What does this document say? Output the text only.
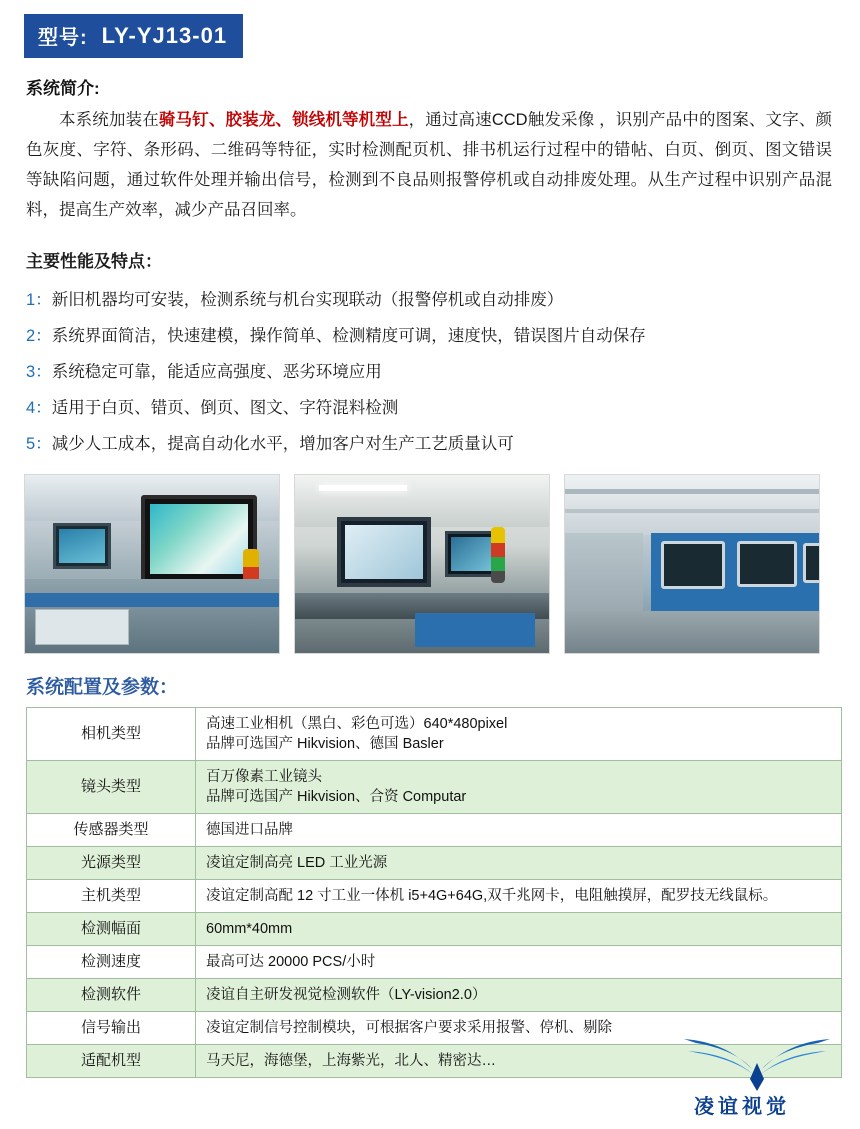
型号: LY-YJ13-01
系统简介:

本系统加装在骑马钉、胶装龙、锁线机等机型上，通过高速CCD触发采像 ，识别产品中的图案、文字、颜色灰度、字符、条形码、二维码等特征，实时检测配页机、排书机运行过程中的错帖、白页、倒页、图文错误等缺陷问题，通过软件处理并输出信号，检测到不良品则报警停机或自动排废处理。从生产过程中识别产品混料，提高生产效率，减少产品召回率。

主要性能及特点：
1：新旧机器均可安装，检测系统与机台实现联动（报警停机或自动排废）
2：系统界面简洁，快速建模，操作简单、检测精度可调，速度快，错误图片自动保存
3：系统稳定可靠，能适应高强度、恶劣环境应用
4：适用于白页、错页、倒页、图文、字符混料检测
5：减少人工成本，提高自动化水平，增加客户对生产工艺质量认可
系统配置及参数：
相机类型	高速工业相机（黑白、彩色可选）640*480pixel
品牌可选国产 Hikvision、德国 Basler

镜头类型	百万像素工业镜头
品牌可选国产 Hikvision、合资 Computar

传感器类型	德国进口品牌
光源类型	凌谊定制高亮 LED 工业光源
主机类型	凌谊定制高配 12 寸工业一体机 i5+4G+64G,双千兆网卡，电阻触摸屏，配罗技无线鼠标。
检测幅面	60mm*40mm
检测速度	最高可达 20000 PCS/小时
检测软件	凌谊自主研发视觉检测软件（LY-vision2.0）
信号输出	凌谊定制信号控制模块，可根据客户要求采用报警、停机、剔除
适配机型	马天尼，海德堡，上海紫光，北人、精密达…
凌谊视觉
